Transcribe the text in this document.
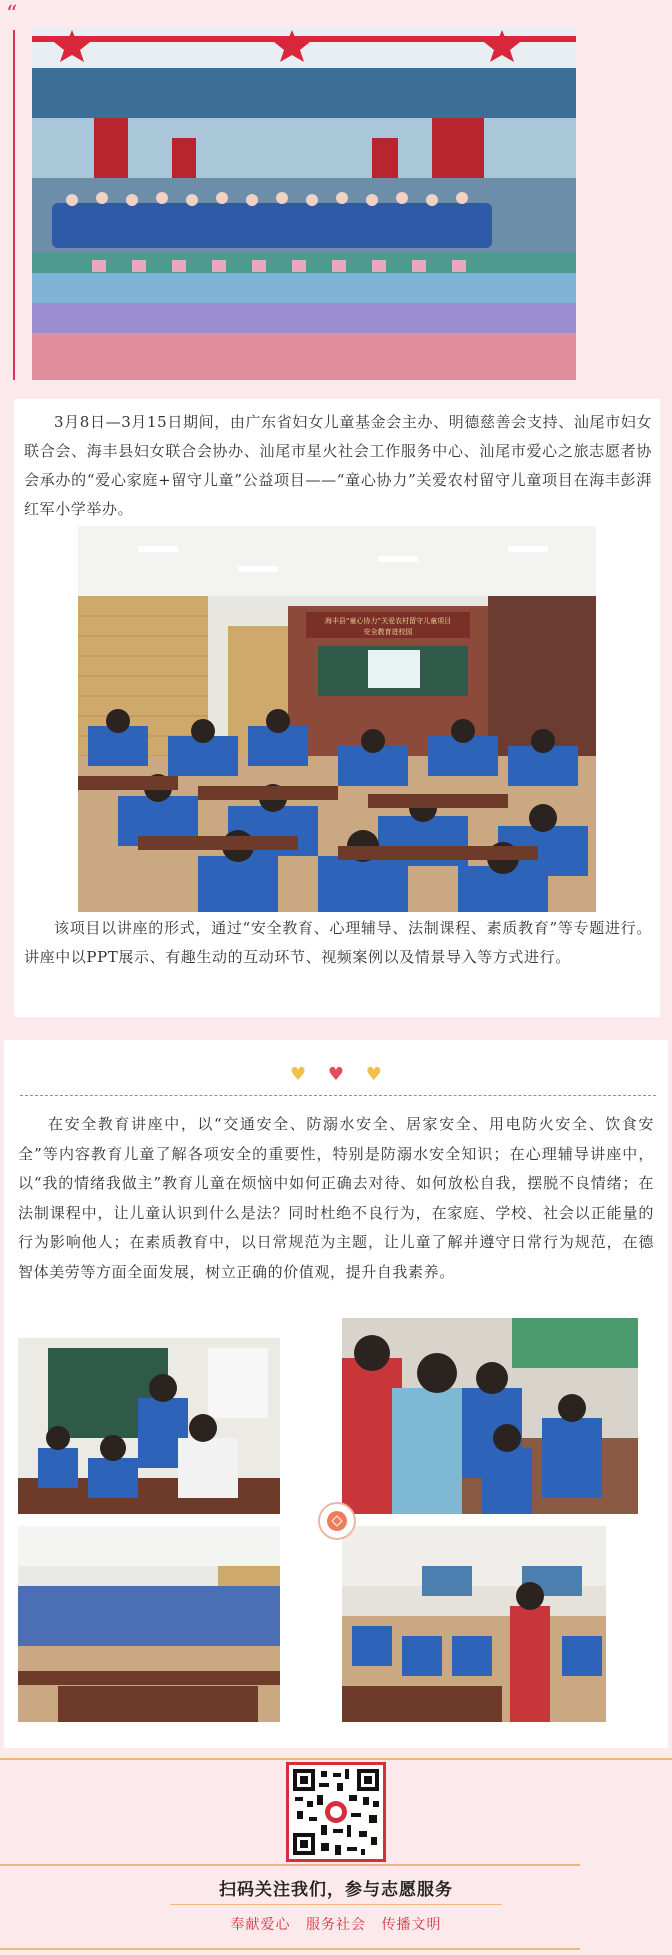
“

3月8日—3月15日期间，由广东省妇女儿童基金会主办、明德慈善会支持、汕尾市妇女联合会、海丰县妇女联合会协办、汕尾市星火社会工作服务中心、汕尾市爱心之旅志愿者协会承办的“爱心家庭+留守儿童”公益项目——“童心协力”关爱农村留守儿童项目在海丰彭湃红军小学举办。

海丰县“童心协力”关爱农村留守儿童项目
安全教育进校园

该项目以讲座的形式，通过“安全教育、心理辅导、法制课程、素质教育”等专题进行。讲座中以PPT展示、有趣生动的互动环节、视频案例以及情景导入等方式进行。

♥ ♥ ♥

在安全教育讲座中，以“交通安全、防溺水安全、居家安全、用电防火安全、饮食安全”等内容教育儿童了解各项安全的重要性，特别是防溺水安全知识；在心理辅导讲座中，以“我的情绪我做主”教育儿童在烦恼中如何正确去对待、如何放松自我，摆脱不良情绪；在法制课程中，让儿童认识到什么是法？同时杜绝不良行为，在家庭、学校、社会以正能量的行为影响他人；在素质教育中，以日常规范为主题，让儿童了解并遵守日常行为规范，在德智体美劳等方面全面发展，树立正确的价值观，提升自我素养。

扫码关注我们，参与志愿服务
奉献爱心 服务社会 传播文明
